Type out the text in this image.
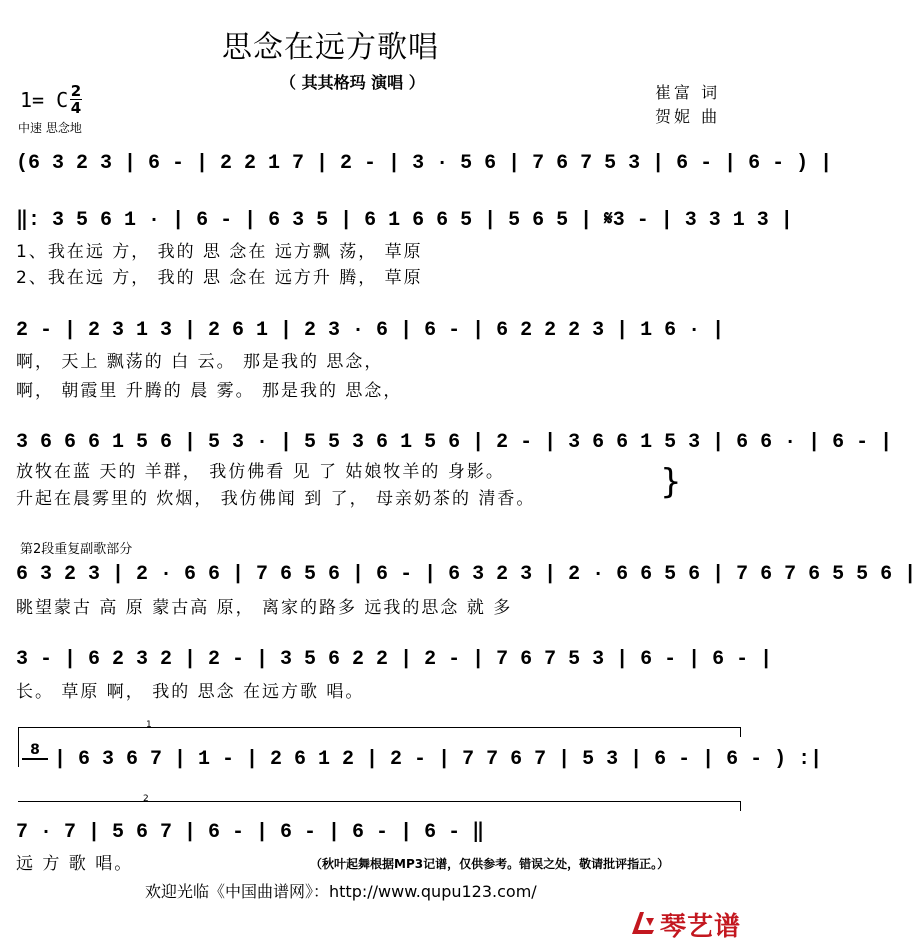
思念在远方歌唱
（ 其其格玛 演唱 ）
崔富 词
贺妮 曲
1= C 2
4
中速 思念地
(6 3 2 3 | 6 - | 2 2 1 7 | 2 - | 3 · 5 6 | 7 6 7 5 3 | 6 - | 6 - ) |
‖: 3 5 6 1 · | 6 - | 6 3 5 | 6 1 6 6 5 | 5 6 5 | 𝄋3 - | 3 3 1 3 |
1、我在远 方， 我的 思 念在 远方飘 荡， 草原
2、我在远 方， 我的 思 念在 远方升 腾， 草原
2 - | 2 3 1 3 | 2 6 1 | 2 3 · 6 | 6 - | 6 2 2 2 3 | 1 6 · |
啊， 天上 飘荡的 白 云。 那是我的 思念，
啊， 朝霞里 升腾的 晨 雾。 那是我的 思念，
3 6 6 6 1 5 6 | 5 3 · | 5 5 3 6 1 5 6 | 2 - | 3 6 6 1 5 3 | 6 6 · | 6 - |
放牧在蓝 天的 羊群， 我仿佛看 见 了 姑娘牧羊的 身影。
升起在晨雾里的 炊烟， 我仿佛闻 到 了， 母亲奶茶的 清香。	}
第2段重复副歌部分
6 3 2 3 | 2 · 6 6 | 7 6 5 6 | 6 - | 6 3 2 3 | 2 · 6 6 5 6 | 7 6 7 6 5 5 6 |
眺望蒙古 高 原 蒙古高 原， 离家的路多 远我的思念 就 多
3 - | 6 2 3 2 | 2 - | 3 5 6 2 2 | 2 - | 7 6 7 5 3 | 6 - | 6 - |
长。 草原 啊， 我的 思念 在远方歌 唱。
1
8 | 6 3 6 7 | 1 - | 2 6 1 2 | 2 - | 7 7 6 7 | 5 3 | 6 - | 6 - ) :|
2
7 · 7 | 5 6 7 | 6 - | 6 - | 6 - | 6 - ‖
远 方 歌 唱。	（秋叶起舞根据MP3记谱，仅供参考。错误之处，敬请批评指正。）
欢迎光临《中国曲谱网》：http://www.qupu123.com/
琴艺谱
